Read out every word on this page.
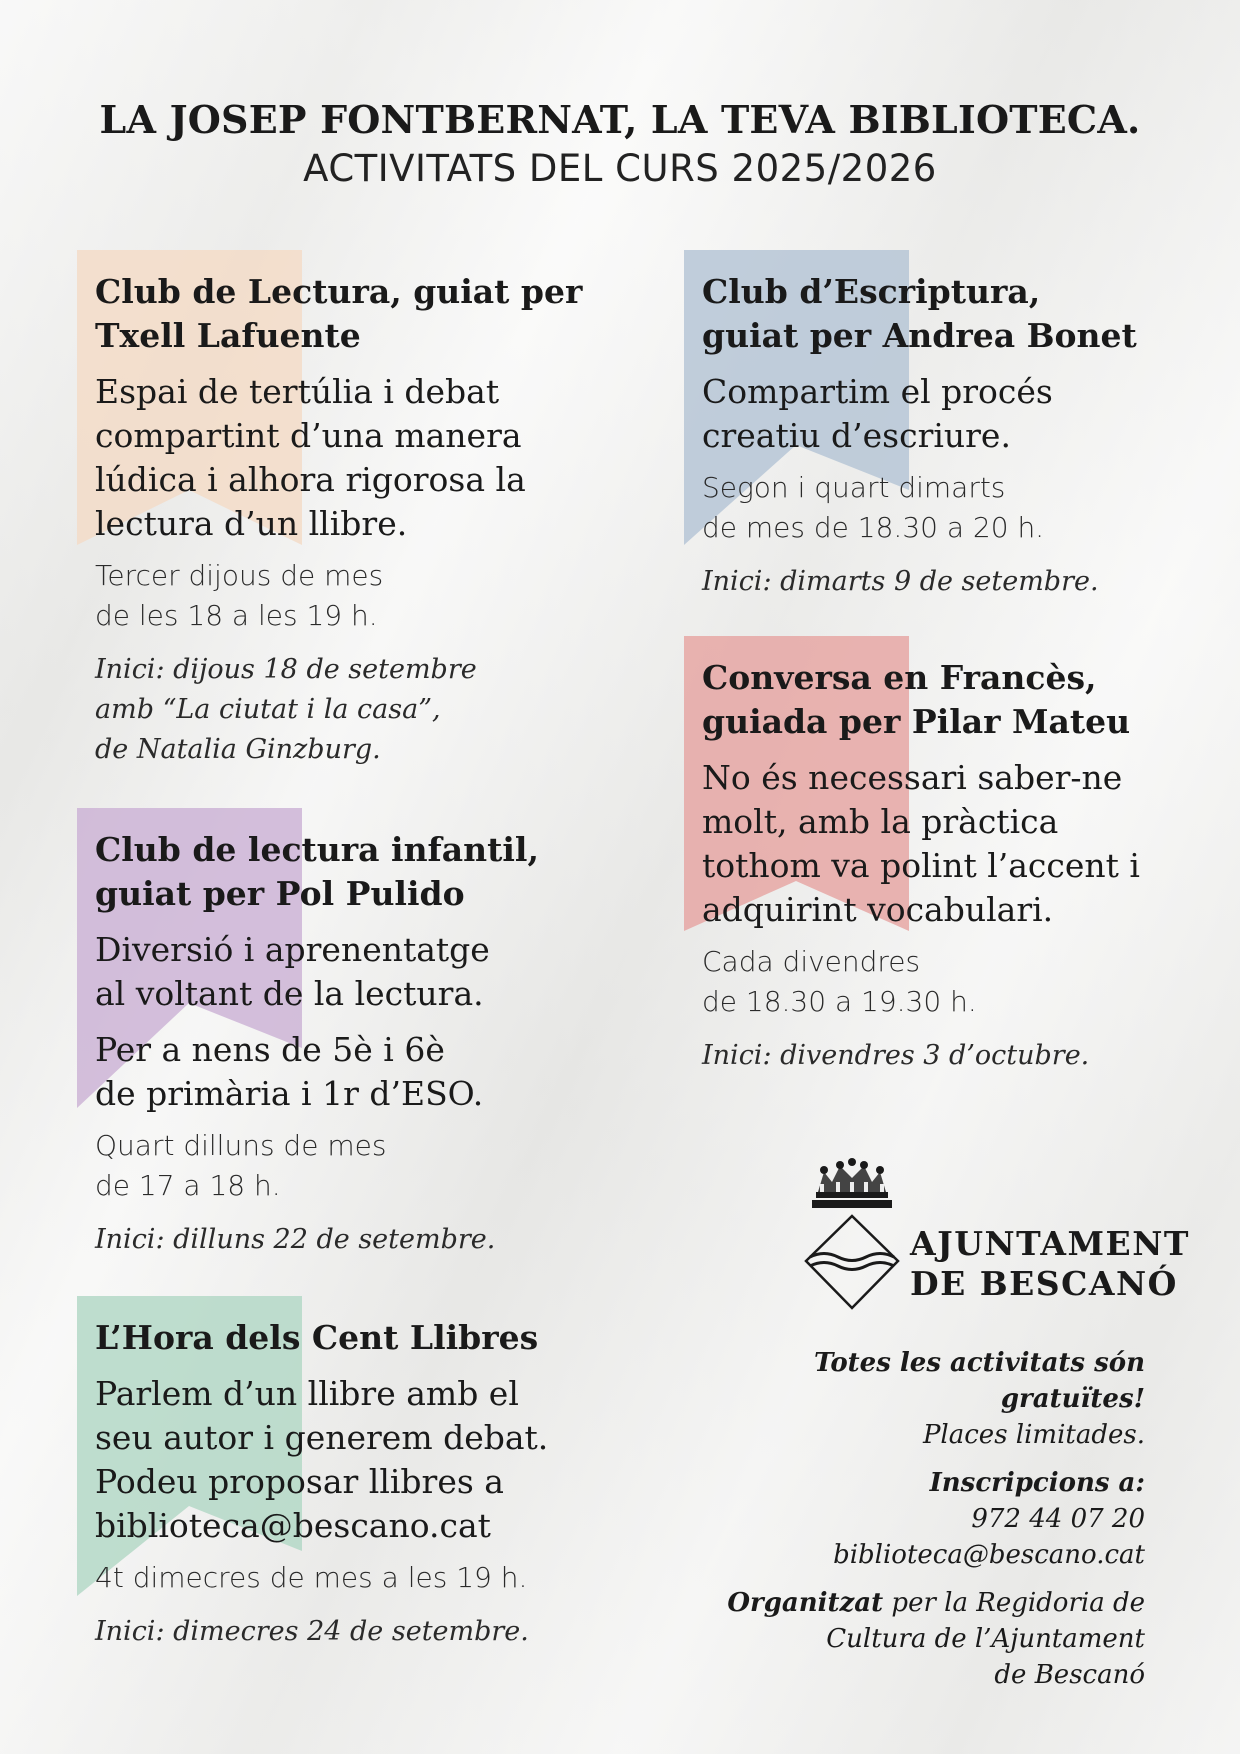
LA JOSEP FONTBERNAT, LA TEVA BIBLIOTECA.
ACTIVITATS DEL CURS 2025/2026
Club de Lectura, guiat per
Txell Lafuente
Espai de tertúlia i debat
compartint d’una manera
lúdica i alhora rigorosa la
lectura d’un llibre.
Tercer dijous de mes
de les 18 a les 19 h.
Inici: dijous 18 de setembre
amb “La ciutat i la casa”,
de Natalia Ginzburg.
Club d’Escriptura,
guiat per Andrea Bonet
Compartim el procés
creatiu d’escriure.
Segon i quart dimarts
de mes de 18.30 a 20 h.
Inici: dimarts 9 de setembre.
Conversa en Francès,
guiada per Pilar Mateu
No és necessari saber-ne
molt, amb la pràctica
tothom va polint l’accent i
adquirint vocabulari.
Cada divendres
de 18.30 a 19.30 h.
Inici: divendres 3 d’octubre.
Club de lectura infantil,
guiat per Pol Pulido
Diversió i aprenentatge
al voltant de la lectura.
Per a nens de 5è i 6è
de primària i 1r d’ESO.
Quart dilluns de mes
de 17 a 18 h.
Inici: dilluns 22 de setembre.
L’Hora dels Cent Llibres
Parlem d’un llibre amb el
seu autor i generem debat.
Podeu proposar llibres a
biblioteca@bescano.cat
4t dimecres de mes a les 19 h.
Inici: dimecres 24 de setembre.
AJUNTAMENT
DE BESCANÓ

Totes les activitats són gratuïtes!
Places limitades.

Inscripcions a:
972 44 07 20
biblioteca@bescano.cat

Organitzat per la Regidoria de
Cultura de l’Ajuntament
de Bescanó
